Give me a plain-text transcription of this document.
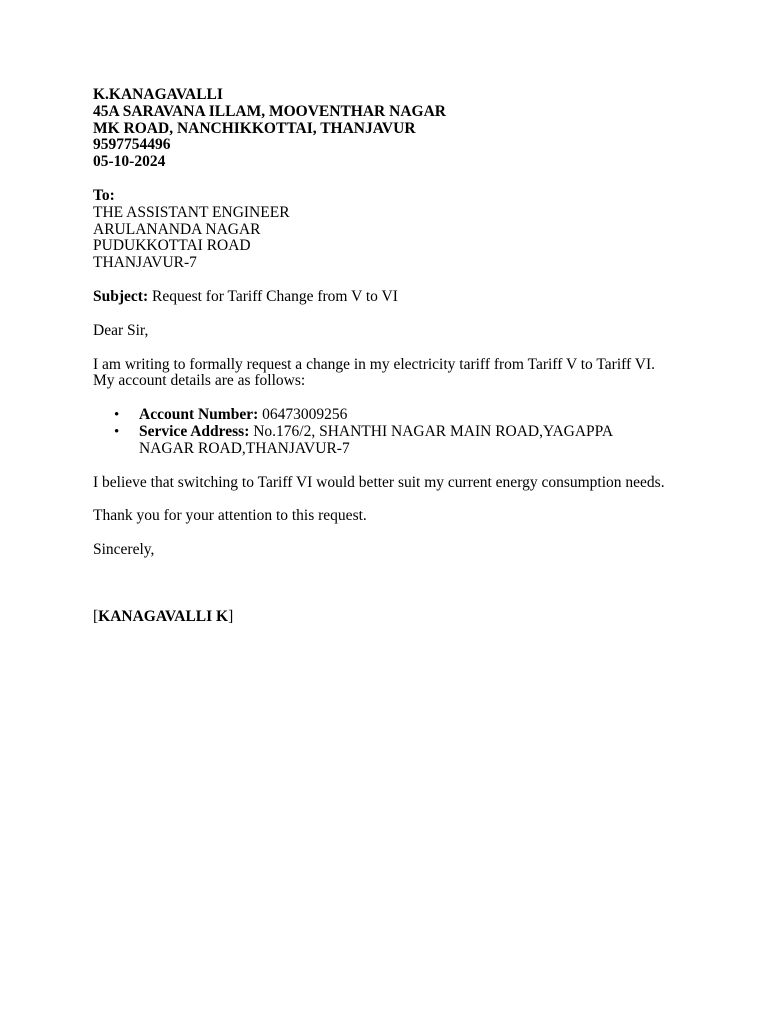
K.KANAGAVALLI
45A SARAVANA ILLAM, MOOVENTHAR NAGAR
MK ROAD, NANCHIKKOTTAI, THANJAVUR
9597754496
05-10-2024
To:
THE ASSISTANT ENGINEER
ARULANANDA NAGAR
PUDUKKOTTAI ROAD
THANJAVUR-7
Subject: Request for Tariff Change from V to VI
Dear Sir,
I am writing to formally request a change in my electricity tariff from Tariff V to Tariff VI.
My account details are as follows:
• Account Number: 06473009256
• Service Address: No.176/2, SHANTHI NAGAR MAIN ROAD,YAGAPPA
NAGAR ROAD,THANJAVUR-7
I believe that switching to Tariff VI would better suit my current energy consumption needs.
Thank you for your attention to this request.
Sincerely,
[KANAGAVALLI K]
